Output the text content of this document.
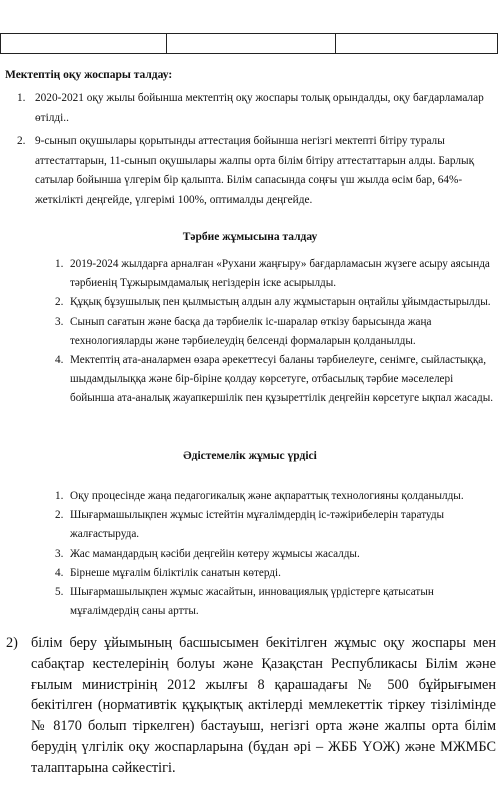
Мектептің оқу жоспары талдау:
1. 2020-2021 оқу жылы бойынша мектептің оқу жоспары толық орындалды, оқу бағдарламалар өтілді..
2. 9-сынып оқушылары қорытынды аттестация бойынша негізгі мектепті бітіру туралы аттестаттарын, 11-сынып оқушылары жалпы орта білім бітіру аттестаттарын алды. Барлық сатылар бойынша үлгерім бір қалыпта. Білім сапасында соңғы үш жылда өсім бар, 64%-жеткілікті деңгейде, үлгерімі 100%, оптималды деңгейде.
Тәрбие жұмысына талдау
1. 2019-2024 жылдарға арналған «Рухани жаңғыру» бағдарламасын жүзеге асыру аясында тәрбиенің Тұжырымдамалық негіздерін іске асырылды.
2. Құқық бұзушылық пен қылмыстың алдын алу жұмыстарын оңтайлы ұйымдастырылды.
3. Сынып сағатын және басқа да тәрбиелік іс-шаралар өткізу барысында жаңа технологияларды және тәрбиелеудің белсенді формаларын қолданылды.
4. Мектептің ата-аналармен өзара әрекеттесуі баланы тәрбиелеуге, сенімге, сыйластыққа, шыдамдылыққа және бір-біріне қолдау көрсетуге, отбасылық тәрбие мәселелері бойынша ата-аналық жауапкершілік пен құзыреттілік деңгейін көрсетуге ықпал жасады.
Әдістемелік жұмыс үрдісі
1. Оқу процесінде жаңа педагогикалық және ақпараттық технологияны қолданылды.
2. Шығармашылықпен жұмыс істейтін мұғалімдердің іс-тәжірибелерін таратуды жалғастыруда.
3. Жас мамандардың кәсіби деңгейін көтеру жұмысы жасалды.
4. Бірнеше мұғалім біліктілік санатын көтерді.
5. Шығармашылықпен жұмыс жасайтын, инновациялық үрдістерге қатысатын мұғалімдердің саны артты.
2) білім беру ұйымының басшысымен бекітілген жұмыс оқу жоспары мен сабақтар кестелерінің болуы және Қазақстан Республикасы Білім және ғылым министрінің 2012 жылғы 8 қарашадағы № 500 бұйрығымен бекітілген (нормативтік құқықтық актілерді мемлекеттік тіркеу тізілімінде № 8170 болып тіркелген) бастауыш, негізгі орта және жалпы орта білім берудің үлгілік оқу жоспарларына (бұдан әрі – ЖББ ҮОЖ) және МЖМБС талаптарына сәйкестігі.
